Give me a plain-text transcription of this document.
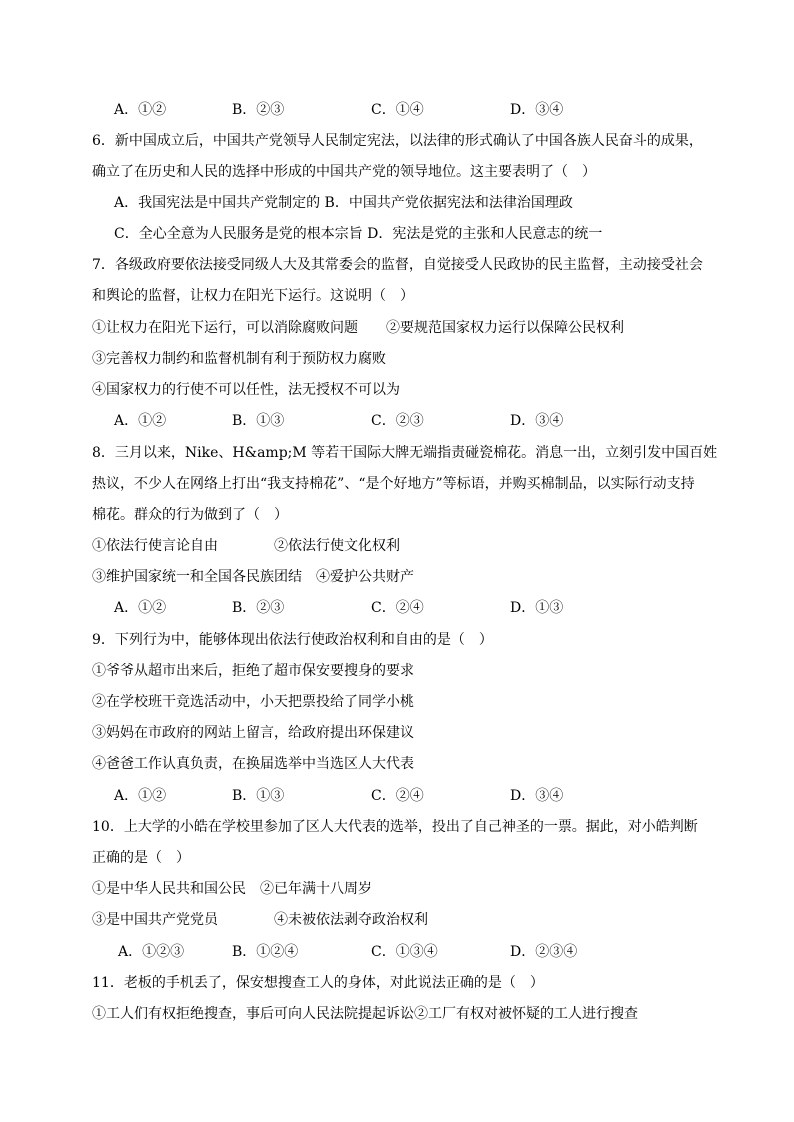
A．①②	B．②③	C．①④	D．③④
6．新中国成立后，中国共产党领导人民制定宪法，以法律的形式确认了中国各族人民奋斗的成果，
确立了在历史和人民的选择中形成的中国共产党的领导地位。这主要表明了（　）
A．我国宪法是中国共产党制定的 B．中国共产党依据宪法和法律治国理政
C．全心全意为人民服务是党的根本宗旨 D．宪法是党的主张和人民意志的统一
7．各级政府要依法接受同级人大及其常委会的监督，自觉接受人民政协的民主监督，主动接受社会
和舆论的监督，让权力在阳光下运行。这说明（　）
①让权力在阳光下运行，可以消除腐败问题　　②要规范国家权力运行以保障公民权利
③完善权力制约和监督机制有利于预防权力腐败
④国家权力的行使不可以任性，法无授权不可以为
A．①②	B．①③	C．②③	D．③④
8．三月以来，Nike、H&amp;M 等若干国际大牌无端指责碰瓷棉花。消息一出，立刻引发中国百姓
热议，不少人在网络上打出“我支持棉花”、“是个好地方”等标语，并购买棉制品，以实际行动支持
棉花。群众的行为做到了（　）
①依法行使言论自由　　　　②依法行使文化权利
③维护国家统一和全国各民族团结　④爱护公共财产
A．①②	B．②③	C．②④	D．①③
9．下列行为中，能够体现出依法行使政治权利和自由的是（　）
①爷爷从超市出来后，拒绝了超市保安要搜身的要求
②在学校班干竞选活动中，小天把票投给了同学小桃
③妈妈在市政府的网站上留言，给政府提出环保建议
④爸爸工作认真负责，在换届选举中当选区人大代表
A．①②	B．①③	C．②④	D．③④
10．上大学的小皓在学校里参加了区人大代表的选举，投出了自己神圣的一票。据此，对小皓判断
正确的是（　）
①是中华人民共和国公民　②已年满十八周岁
③是中国共产党党员　　　　④未被依法剥夺政治权利
A．①②③	B．①②④	C．①③④	D．②③④
11．老板的手机丢了，保安想搜查工人的身体，对此说法正确的是（　）
①工人们有权拒绝搜查，事后可向人民法院提起诉讼②工厂有权对被怀疑的工人进行搜查
